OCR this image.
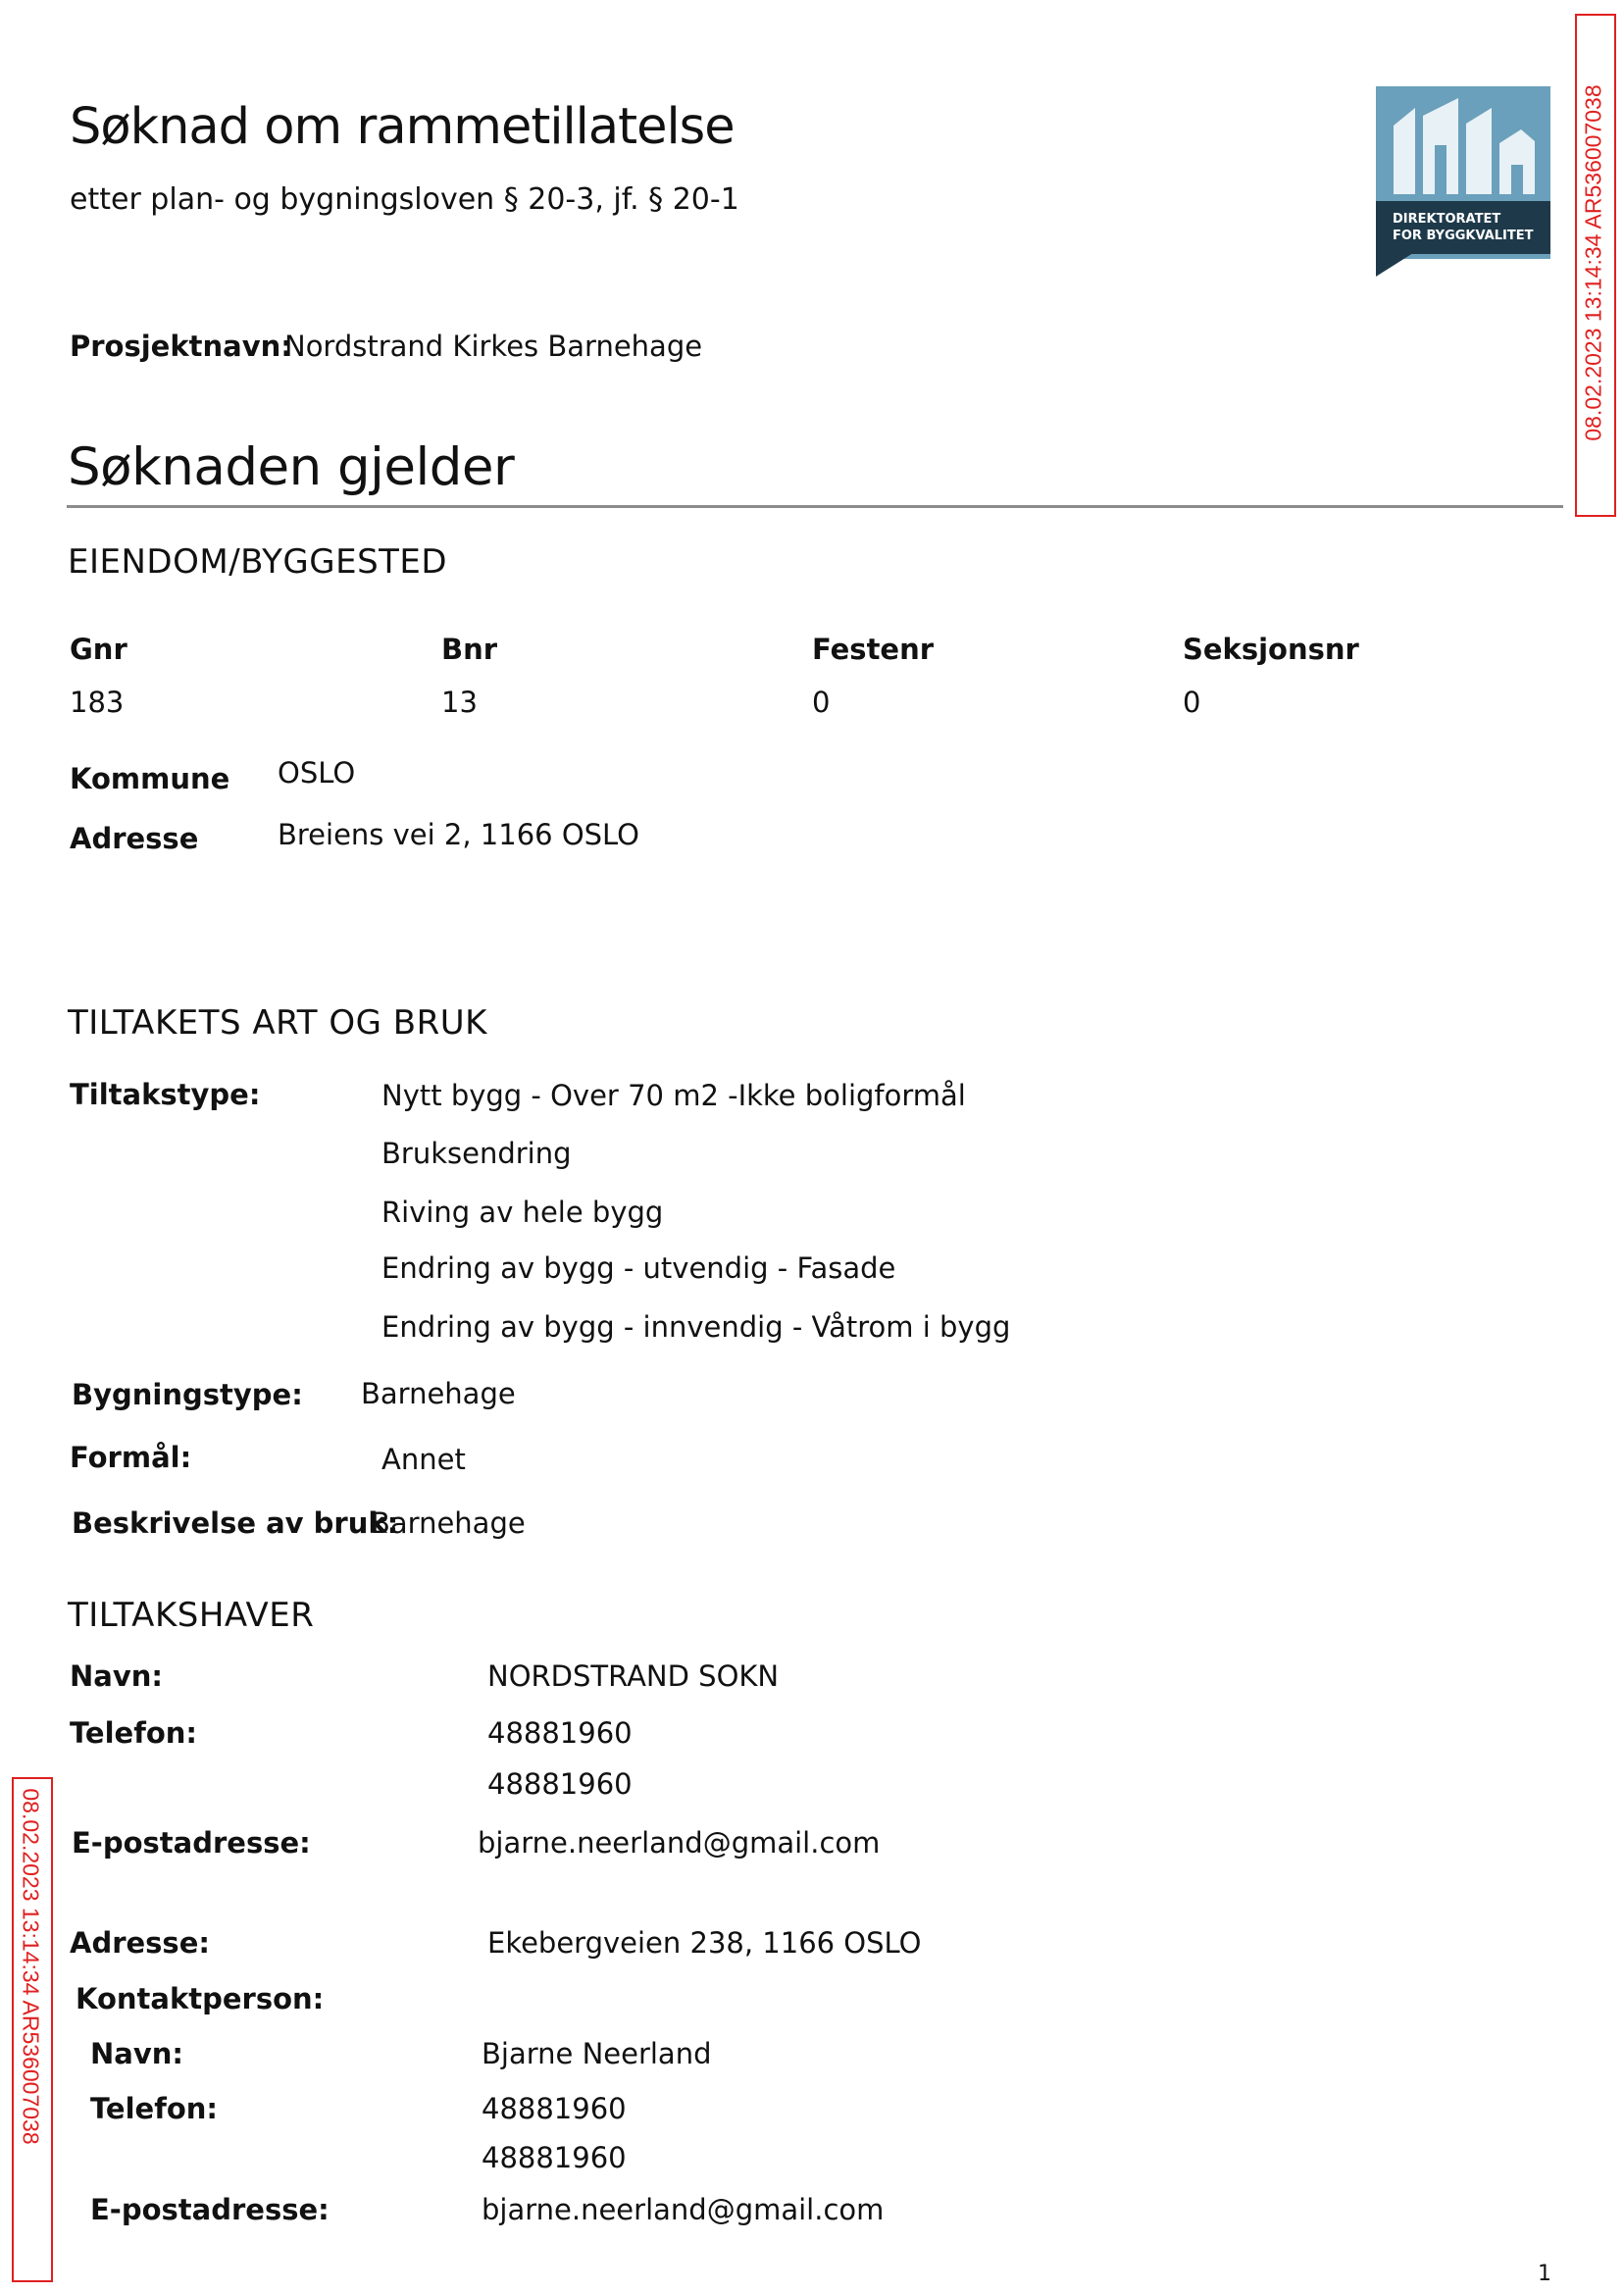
Søknad om rammetillatelse
etter plan- og bygningsloven § 20-3, jf. § 20-1
DIREKTORATET
FOR BYGGKVALITET 08.02.2023 13:14:34 AR536007038
08.02.2023 13:14:34 AR536007038
Prosjektnavn:
Nordstrand Kirkes Barnehage
Søknaden gjelder
EIENDOM/BYGGESTED
Gnr	Bnr	Festenr	Seksjonsnr
183	13	0	0
Kommune OSLO
Adresse	Breiens vei 2, 1166 OSLO
TILTAKETS ART OG BRUK
Tiltakstype:	Nytt bygg - Over 70 m2 -Ikke boligformål
Bruksendring
Riving av hele bygg
Endring av bygg - utvendig - Fasade
Endring av bygg - innvendig - Våtrom i bygg
Bygningstype: Barnehage
Formål:	Annet
Beskrivelse av bruk:
Barnehage
TILTAKSHAVER
Navn:	NORDSTRAND SOKN
Telefon:	48881960
48881960
E-postadresse:	bjarne.neerland@gmail.com
Adresse:	Ekebergveien 238, 1166 OSLO
Kontaktperson:
Navn:	Bjarne Neerland
Telefon:	48881960
48881960
E-postadresse:	bjarne.neerland@gmail.com
1
